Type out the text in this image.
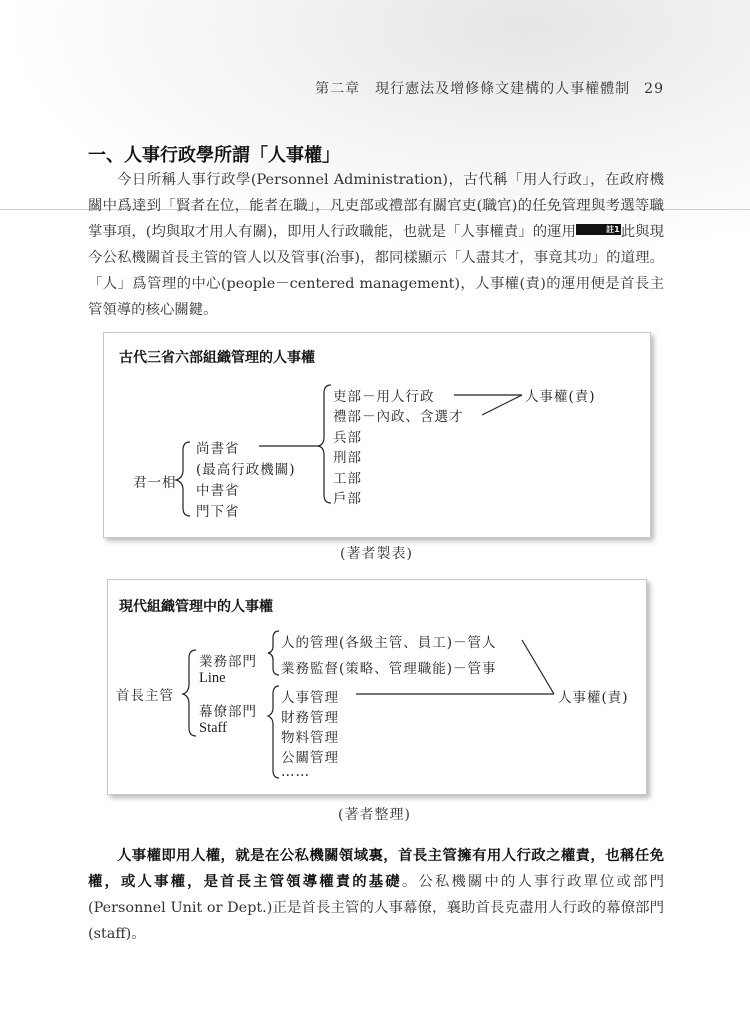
第二章　現行憲法及增修條文建構的人事權體制 29
一、人事行政學所謂「人事權」

今日所稱人事行政學(Personnel Administration)，古代稱「用人行政」，在政府機關中爲達到「賢者在位，能者在職」，凡吏部或禮部有關官吏(職官)的任免管理與考選等職掌事項，(均與取才用人有關)，即用人行政職能，也就是「人事權責」的運用	註1此與現今公私機關首長主管的管人以及管事(治事)，都同樣顯示「人盡其才，事竟其功」的道理。「人」爲管理的中心(people－centered management)，人事權(責)的運用便是首長主管領導的核心關鍵。

古代三省六部組織管理的人事權
君一相
尚書省
(最高行政機關)
中書省
門下省
吏部－用人行政
禮部－內政、含選才
兵部
刑部
工部
戶部
人事權(責)
(著者製表)
現代組織管理中的人事權
首長主管
業務部門
Line
幕僚部門
Staff
人的管理(各級主管、員工)－管人
業務監督(策略、管理職能)－管事
人事管理
財務管理
物料管理
公關管理
……
人事權(責)
(著者整理)

人事權即用人權，就是在公私機關領域裏，首長主管擁有用人行政之權責，也稱任免權，或人事權，是首長主管領導權責的基礎。公私機關中的人事行政單位或部門(Personnel Unit or Dept.)正是首長主管的人事幕僚，襄助首長克盡用人行政的幕僚部門(staff)。
